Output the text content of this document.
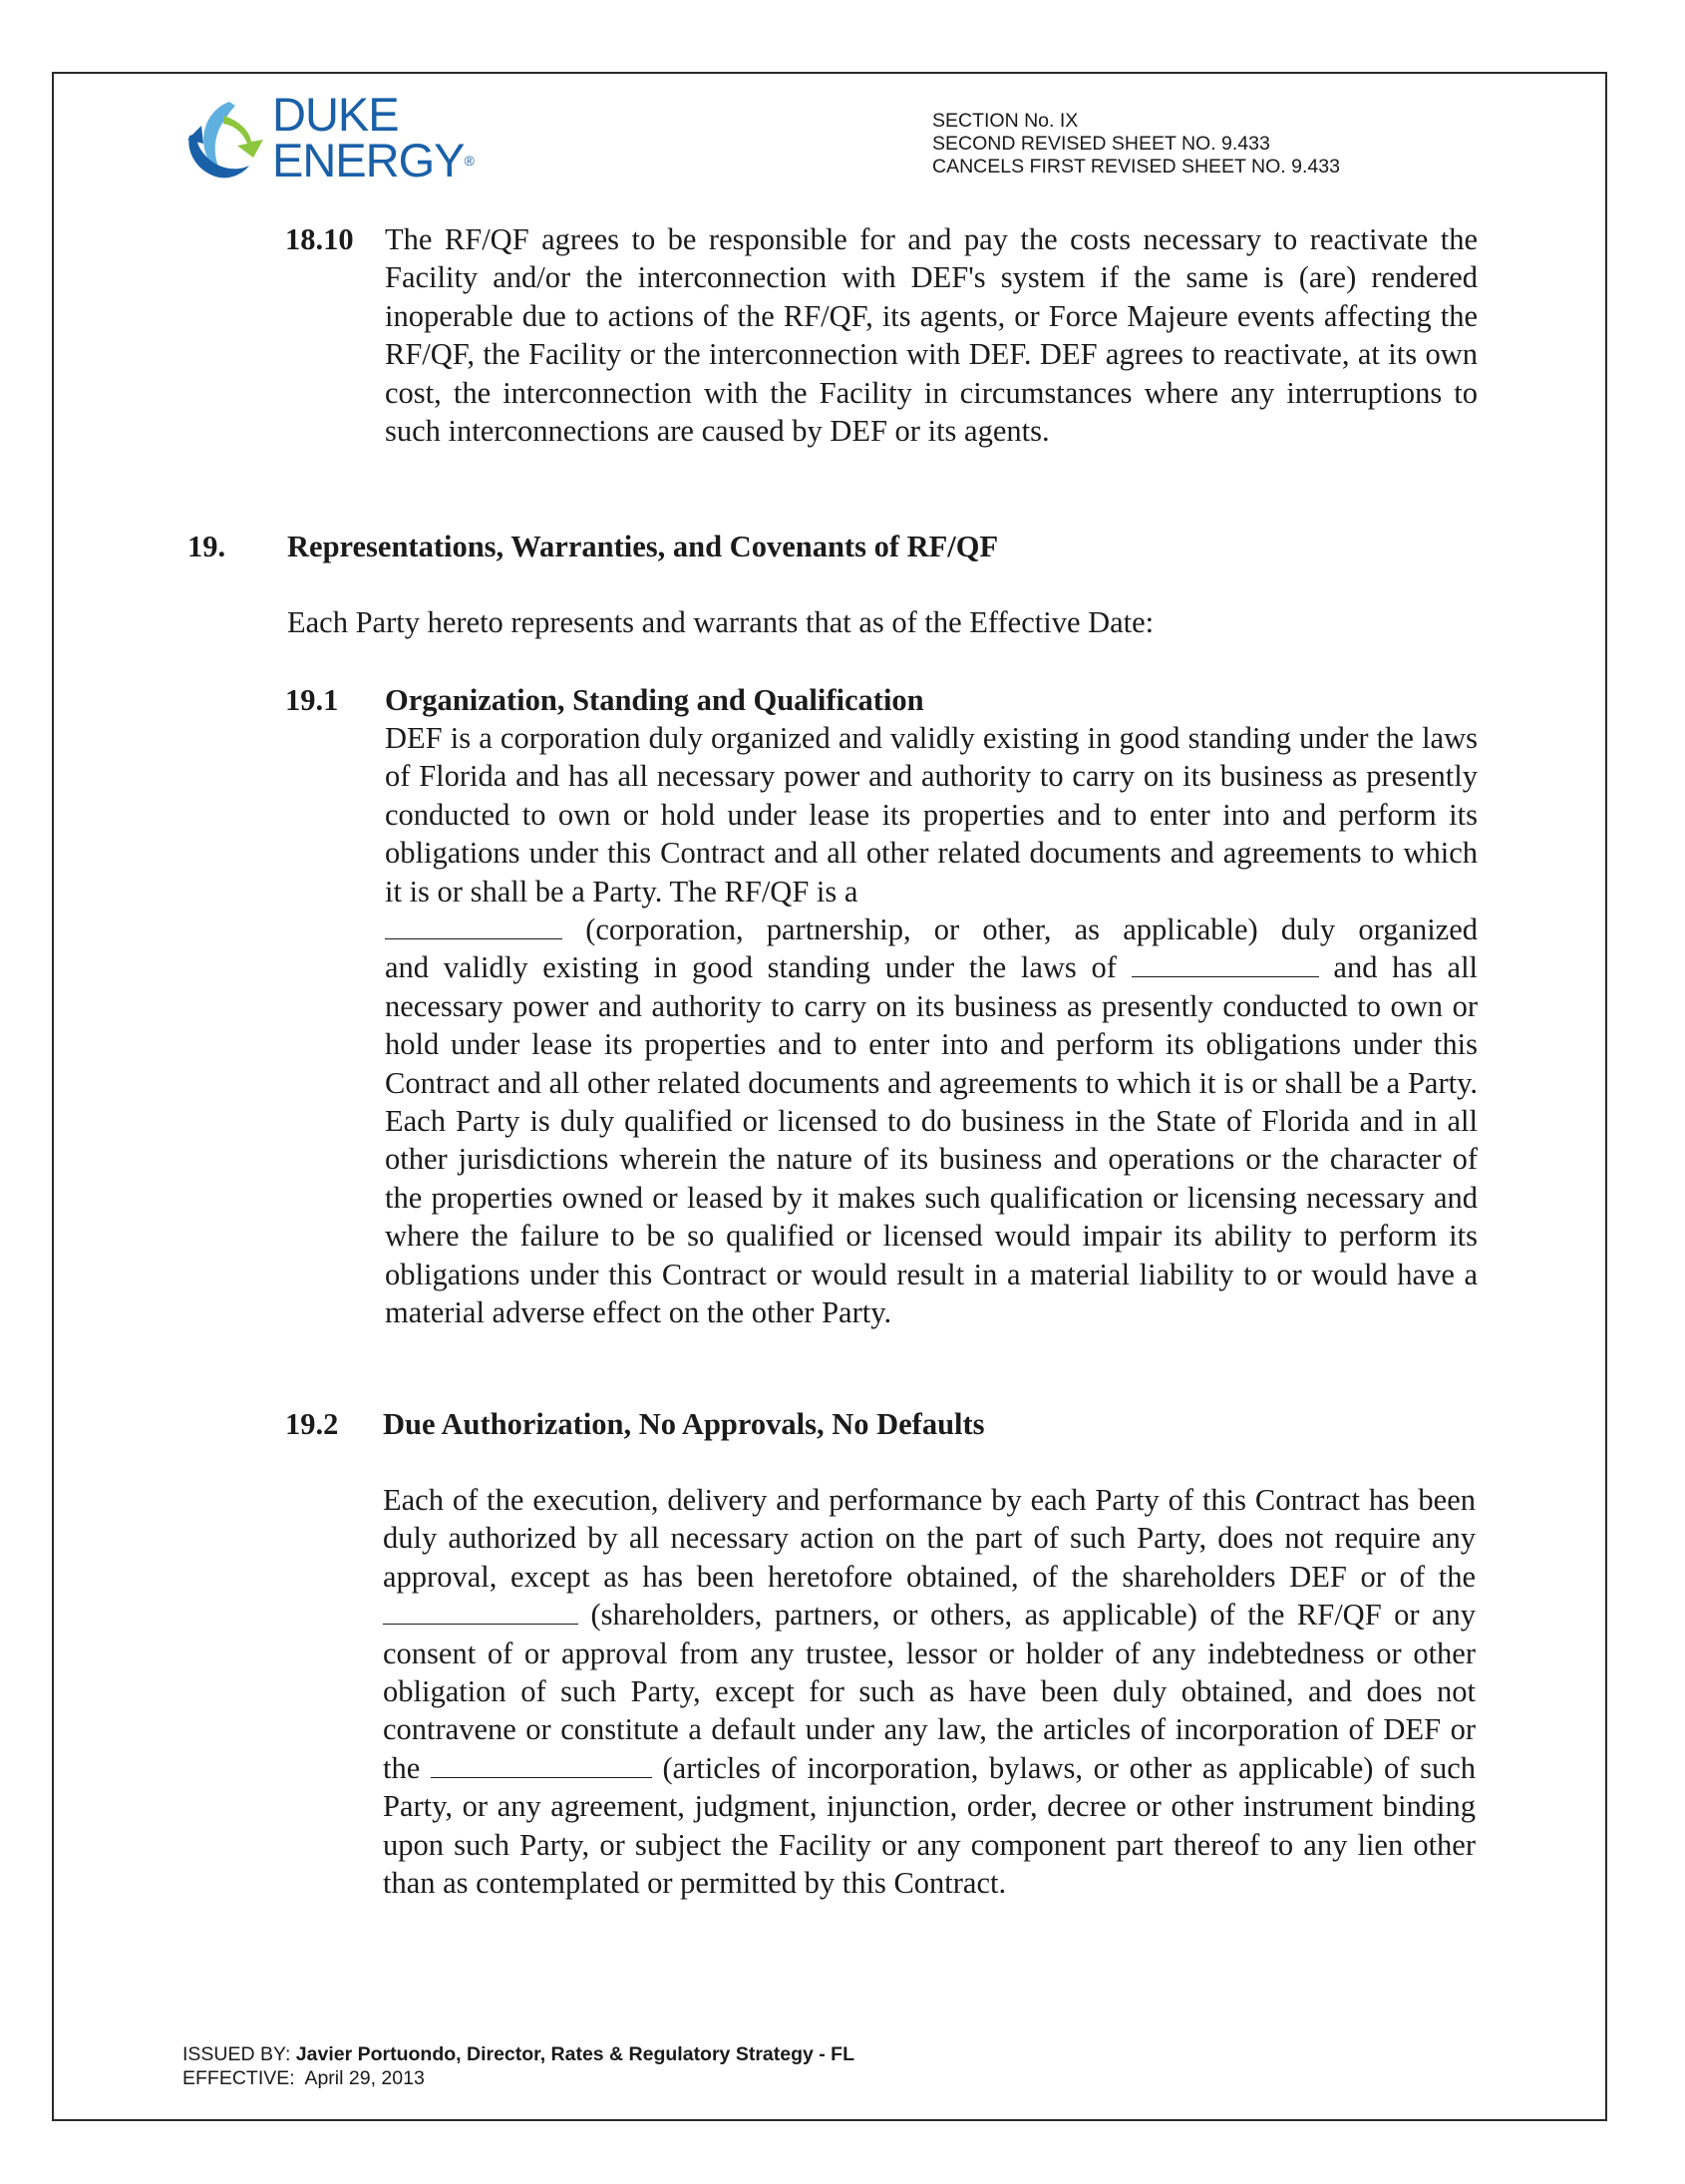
DUKE
ENERGY®
SECTION No. IX
SECOND REVISED SHEET NO. 9.433
CANCELS FIRST REVISED SHEET NO. 9.433
18.10 The RF/QF agrees to be responsible for and pay the costs necessary to reactivate the Facility and/or the interconnection with DEF's system if the same is (are) rendered inoperable due to actions of the RF/QF, its agents, or Force Majeure events affecting the RF/QF, the Facility or the interconnection with DEF. DEF agrees to reactivate, at its own cost, the interconnection with the Facility in circumstances where any interruptions to such interconnections are caused by DEF or its agents.
19. Representations, Warranties, and Covenants of RF/QF
Each Party hereto represents and warrants that as of the Effective Date:
19.1 Organization, Standing and Qualification
DEF is a corporation duly organized and validly existing in good standing under the laws of Florida and has all necessary power and authority to carry on its business as presently conducted to own or hold under lease its properties and to enter into and perform its obligations under this Contract and all other related documents and agreements to which it is or shall be a Party. The RF/QF is a
(corporation, partnership, or other, as applicable) duly organized
and validly existing in good standing under the laws of	and has all
necessary power and authority to carry on its business as presently conducted to own or hold under lease its properties and to enter into and perform its obligations under this Contract and all other related documents and agreements to which it is or shall be a Party. Each Party is duly qualified or licensed to do business in the State of Florida and in all other jurisdictions wherein the nature of its business and operations or the character of the properties owned or leased by it makes such qualification or licensing necessary and where the failure to be so qualified or licensed would impair its ability to perform its obligations under this Contract or would result in a material liability to or would have a material adverse effect on the other Party.
19.2 Due Authorization, No Approvals, No Defaults
Each of the execution, delivery and performance by each Party of this Contract has been duly authorized by all necessary action on the part of such Party, does not require any approval, except as has been heretofore obtained, of the shareholders DEF or of the  (shareholders, partners, or others, as applicable) of the RF/QF or any consent of or approval from any trustee, lessor or holder of any indebtedness or other obligation of such Party, except for such as have been duly obtained, and does not contravene or constitute a default under any law, the articles of incorporation of DEF or the	(articles of incorporation, bylaws, or other as applicable) of such Party, or any agreement, judgment, injunction, order, decree or other instrument binding upon such Party, or subject the Facility or any component part thereof to any lien other than as contemplated or permitted by this Contract.
ISSUED BY: Javier Portuondo, Director, Rates & Regulatory Strategy - FL
EFFECTIVE: April 29, 2013
